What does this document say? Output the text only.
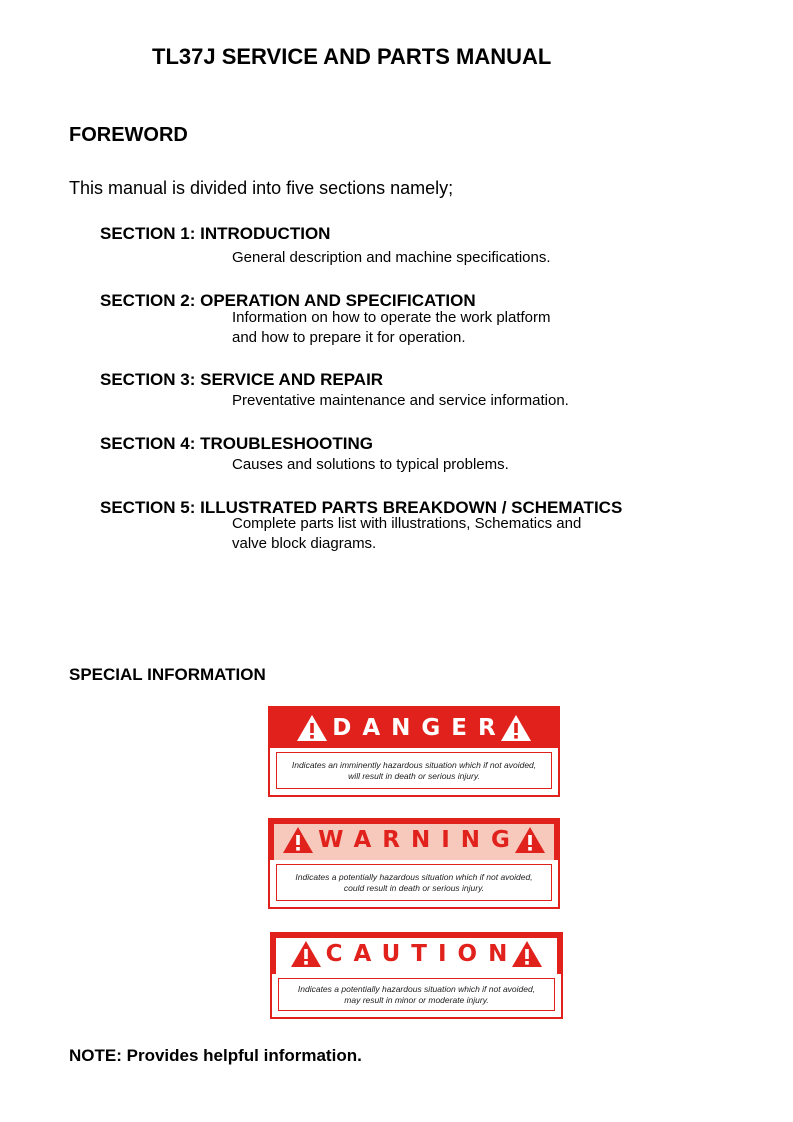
TL37J SERVICE AND PARTS MANUAL
FOREWORD
This manual is divided into five sections namely;
SECTION 1: INTRODUCTION
General description and machine specifications.
SECTION 2: OPERATION AND SPECIFICATION
Information on how to operate the work platform
and how to prepare it for operation.
SECTION 3: SERVICE AND REPAIR
Preventative maintenance and service information.
SECTION 4: TROUBLESHOOTING
Causes and solutions to typical problems.
SECTION 5: ILLUSTRATED PARTS BREAKDOWN / SCHEMATICS
Complete parts list with illustrations, Schematics and
valve block diagrams.
SPECIAL INFORMATION
DANGER
Indicates an imminently hazardous situation which if not avoided, will result in death or serious injury.
WARNING
Indicates a potentially hazardous situation which if not avoided, could result in death or serious injury.
CAUTION
Indicates a potentially hazardous situation which if not avoided, may result in minor or moderate injury.
NOTE: Provides helpful information.
